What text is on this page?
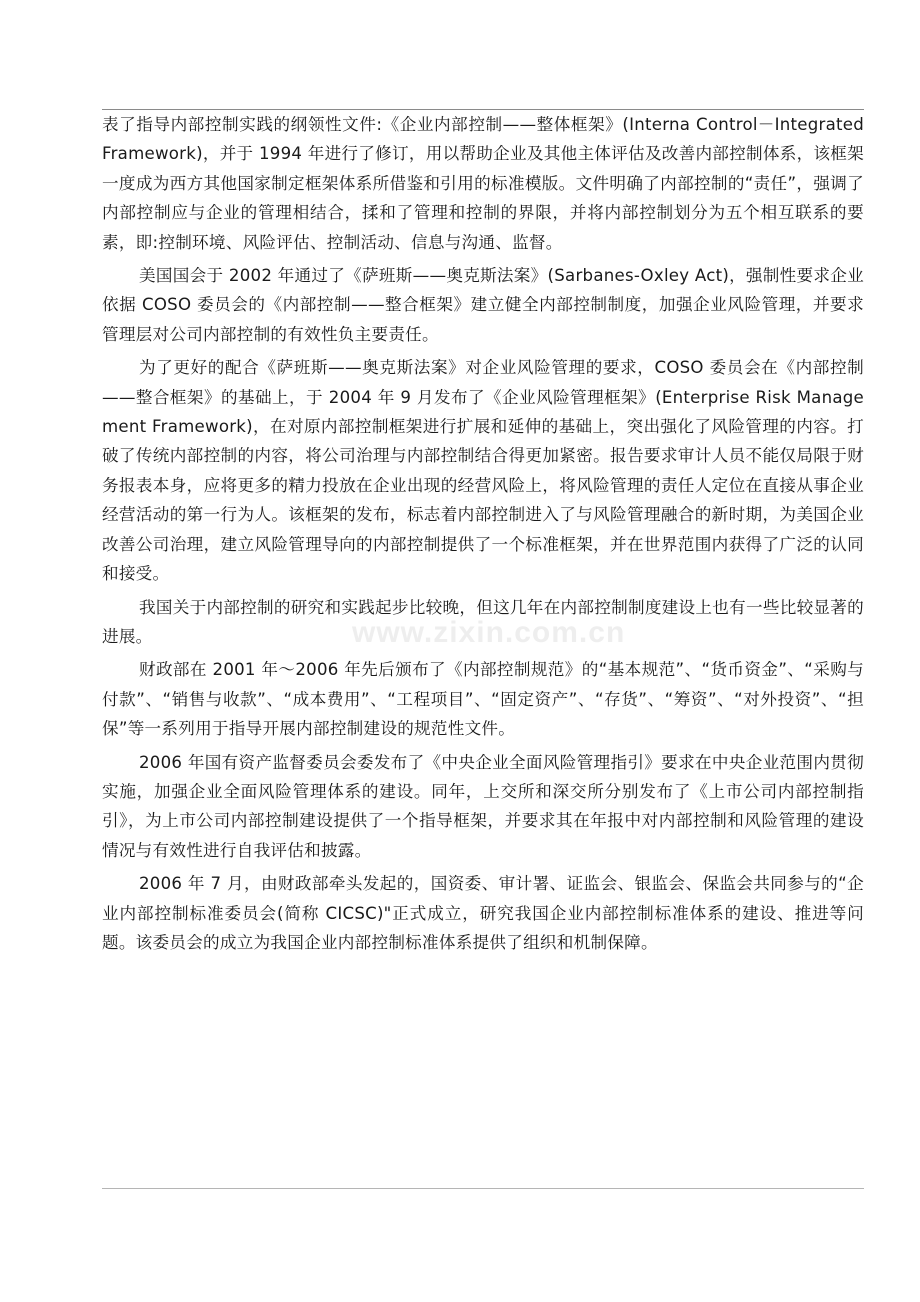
表了指导内部控制实践的纲领性文件:《企业内部控制——整体框架》(Interna Control－Integrated Framework)，并于 1994 年进行了修订，用以帮助企业及其他主体评估及改善内部控制体系，该框架一度成为西方其他国家制定框架体系所借鉴和引用的标准模版。文件明确了内部控制的“责任”，强调了内部控制应与企业的管理相结合，揉和了管理和控制的界限，并将内部控制划分为五个相互联系的要素，即:控制环境、风险评估、控制活动、信息与沟通、监督。

美国国会于 2002 年通过了《萨班斯——奥克斯法案》(Sarbanes-Oxley Act)，强制性要求企业依据 COSO 委员会的《内部控制——整合框架》建立健全内部控制制度，加强企业风险管理，并要求管理层对公司内部控制的有效性负主要责任。

为了更好的配合《萨班斯——奥克斯法案》对企业风险管理的要求，COSO 委员会在《内部控制——整合框架》的基础上，于 2004 年 9 月发布了《企业风险管理框架》(Enterprise Risk Management Framework)，在对原内部控制框架进行扩展和延伸的基础上，突出强化了风险管理的内容。打破了传统内部控制的内容，将公司治理与内部控制结合得更加紧密。报告要求审计人员不能仅局限于财务报表本身，应将更多的精力投放在企业出现的经营风险上，将风险管理的责任人定位在直接从事企业经营活动的第一行为人。该框架的发布，标志着内部控制进入了与风险管理融合的新时期，为美国企业改善公司治理，建立风险管理导向的内部控制提供了一个标准框架，并在世界范围内获得了广泛的认同和接受。

我国关于内部控制的研究和实践起步比较晚，但这几年在内部控制制度建设上也有一些比较显著的进展。

财政部在 2001 年～2006 年先后颁布了《内部控制规范》的“基本规范”、“货币资金”、“采购与付款”、“销售与收款”、“成本费用”、“工程项目”、“固定资产”、“存货”、“筹资”、“对外投资”、“担保”等一系列用于指导开展内部控制建设的规范性文件。

2006 年国有资产监督委员会委发布了《中央企业全面风险管理指引》要求在中央企业范围内贯彻实施，加强企业全面风险管理体系的建设。同年，上交所和深交所分别发布了《上市公司内部控制指引》，为上市公司内部控制建设提供了一个指导框架，并要求其在年报中对内部控制和风险管理的建设情况与有效性进行自我评估和披露。

2006 年 7 月，由财政部牵头发起的，国资委、审计署、证监会、银监会、保监会共同参与的“企业内部控制标准委员会(简称 CICSC)"正式成立，研究我国企业内部控制标准体系的建设、推进等问题。该委员会的成立为我国企业内部控制标准体系提供了组织和机制保障。

www.zixin.com.cn
